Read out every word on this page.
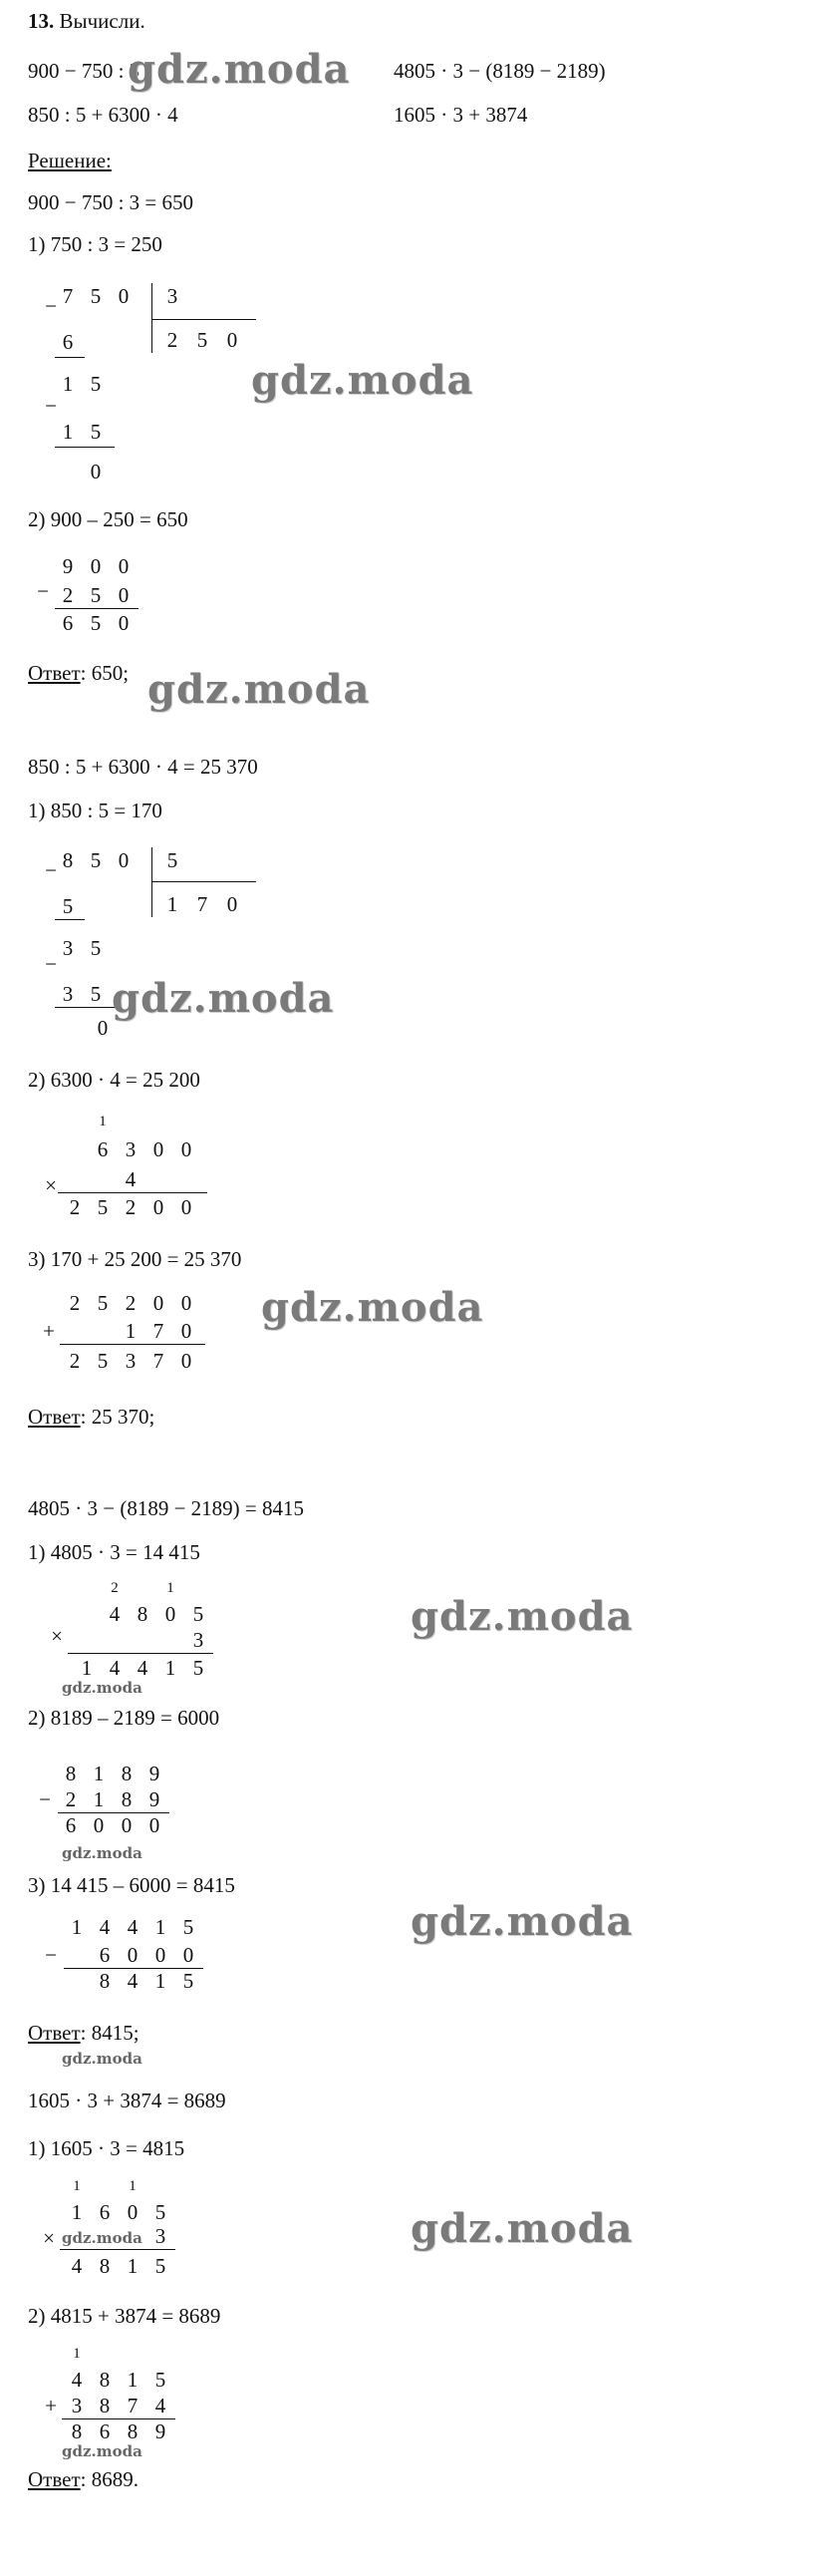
13. Вычисли.
900 − 750 : 3	4805 · 3 − (8189 − 2189)
850 : 5 + 6300 · 4	1605 · 3 + 3874
Решение:
900 − 750 : 3 = 650
1) 750 : 3 = 250
− 7 5 0	3
2 5 0
6
−
1 5
1 5
0
2) 900 – 250 = 650
9 0 0
− 2 5 0
6 5 0
Ответ: 650;
850 : 5 + 6300 · 4 = 25 370
1) 850 : 5 = 170
− 8 5 0	5
1 7 0
5
−
3 5
3 5
0
2) 6300 · 4 = 25 200
1
6 3 0 0
×	4
2 5 2 0 0
3) 170 + 25 200 = 25 370
2 5 2 0 0
+	1 7 0
2 5 3 7 0
Ответ: 25 370;
4805 · 3 − (8189 − 2189) = 8415
1) 4805 · 3 = 14 415
2	1
4 8 0 5
×	3
1 4 4 1 5
2) 8189 – 2189 = 6000
8 1 8 9
− 2 1 8 9
6 0 0 0
3) 14 415 – 6000 = 8415
1 4 4 1 5
−	6 0 0 0
8 4 1 5
Ответ: 8415;
1605 · 3 + 3874 = 8689
1) 1605 · 3 = 4815
1	1
1 6 0 5
×	3
4 8 1 5
2) 4815 + 3874 = 8689
1
4 8 1 5
+ 3 8 7 4
8 6 8 9
Ответ: 8689.
gdz.moda
gdz.moda
gdz.moda
gdz.moda
gdz.moda
gdz.moda
gdz.moda
gdz.moda
gdz.moda
gdz.moda
gdz.moda
gdz.moda
gdz.moda
